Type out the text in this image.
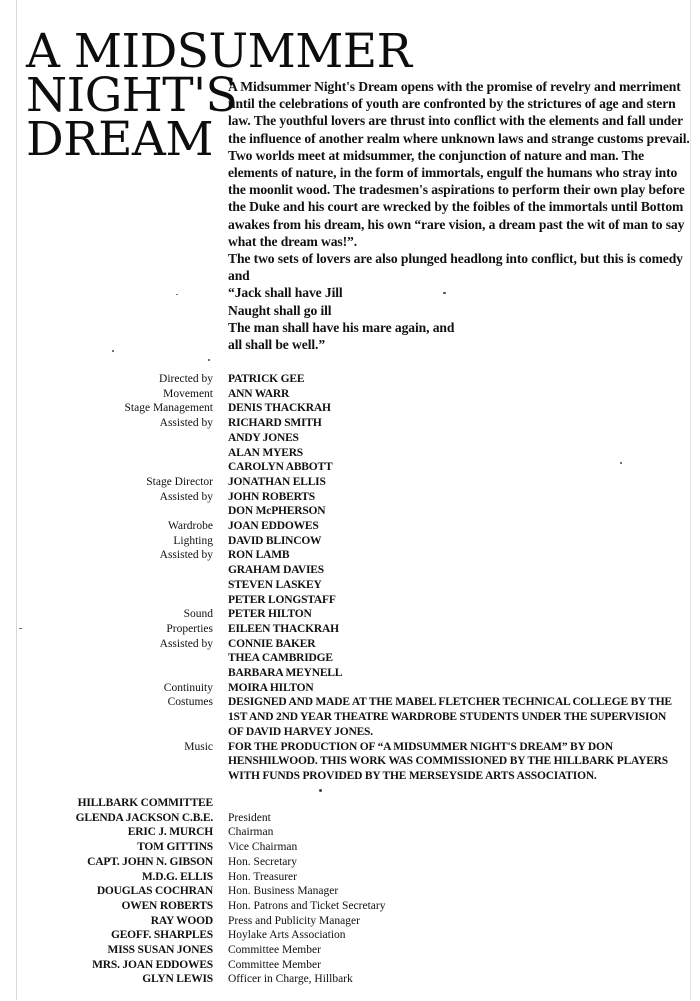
A MIDSUMMER
NIGHT'S
DREAM

A Midsummer Night's Dream opens with the promise of revelry and merriment until the celebrations of youth are confronted by the strictures of age and stern law. The youthful lovers are thrust into conflict with the elements and fall under the influence of another realm where unknown laws and strange customs prevail.

Two worlds meet at midsummer, the conjunction of nature and man. The elements of nature, in the form of immortals, engulf the humans who stray into the moonlit wood. The tradesmen's aspirations to perform their own play before the Duke and his court are wrecked by the foibles of the immortals until Bottom awakes from his dream, his own “rare vision, a dream past the wit of man to say what the dream was!”.

The two sets of lovers are also plunged headlong into conflict, but this is comedy and

“Jack shall have Jill

Naught shall go ill

The man shall have his mare again, and

all shall be well.”

Directed by	PATRICK GEE
Movement	ANN WARR
Stage Management	DENIS THACKRAH
Assisted by	RICHARD SMITH
ANDY JONES
ALAN MYERS
CAROLYN ABBOTT
Stage Director	JONATHAN ELLIS
Assisted by	JOHN ROBERTS
DON McPHERSON
Wardrobe	JOAN EDDOWES
Lighting	DAVID BLINCOW
Assisted by	RON LAMB
GRAHAM DAVIES
STEVEN LASKEY
PETER LONGSTAFF
Sound	PETER HILTON
Properties	EILEEN THACKRAH
Assisted by	CONNIE BAKER
THEA CAMBRIDGE
BARBARA MEYNELL
Continuity	MOIRA HILTON
Costumes	DESIGNED AND MADE AT THE MABEL FLETCHER TECHNICAL COLLEGE BY THE 1ST AND 2ND YEAR THEATRE WARDROBE STUDENTS UNDER THE SUPERVISION OF DAVID HARVEY JONES.
Music	FOR THE PRODUCTION OF “A MIDSUMMER NIGHT'S DREAM” BY DON HENSHILWOOD. THIS WORK WAS COMMISSIONED BY THE HILLBARK PLAYERS WITH FUNDS PROVIDED BY THE MERSEYSIDE ARTS ASSOCIATION.
HILLBARK COMMITTEE
GLENDA JACKSON C.B.E.	President
ERIC J. MURCH	Chairman
TOM GITTINS	Vice Chairman
CAPT. JOHN N. GIBSON	Hon. Secretary
M.D.G. ELLIS	Hon. Treasurer
DOUGLAS COCHRAN	Hon. Business Manager
OWEN ROBERTS	Hon. Patrons and Ticket Secretary
RAY WOOD	Press and Publicity Manager
GEOFF. SHARPLES	Hoylake Arts Association
MISS SUSAN JONES	Committee Member
MRS. JOAN EDDOWES	Committee Member
GLYN LEWIS	Officer in Charge, Hillbark
